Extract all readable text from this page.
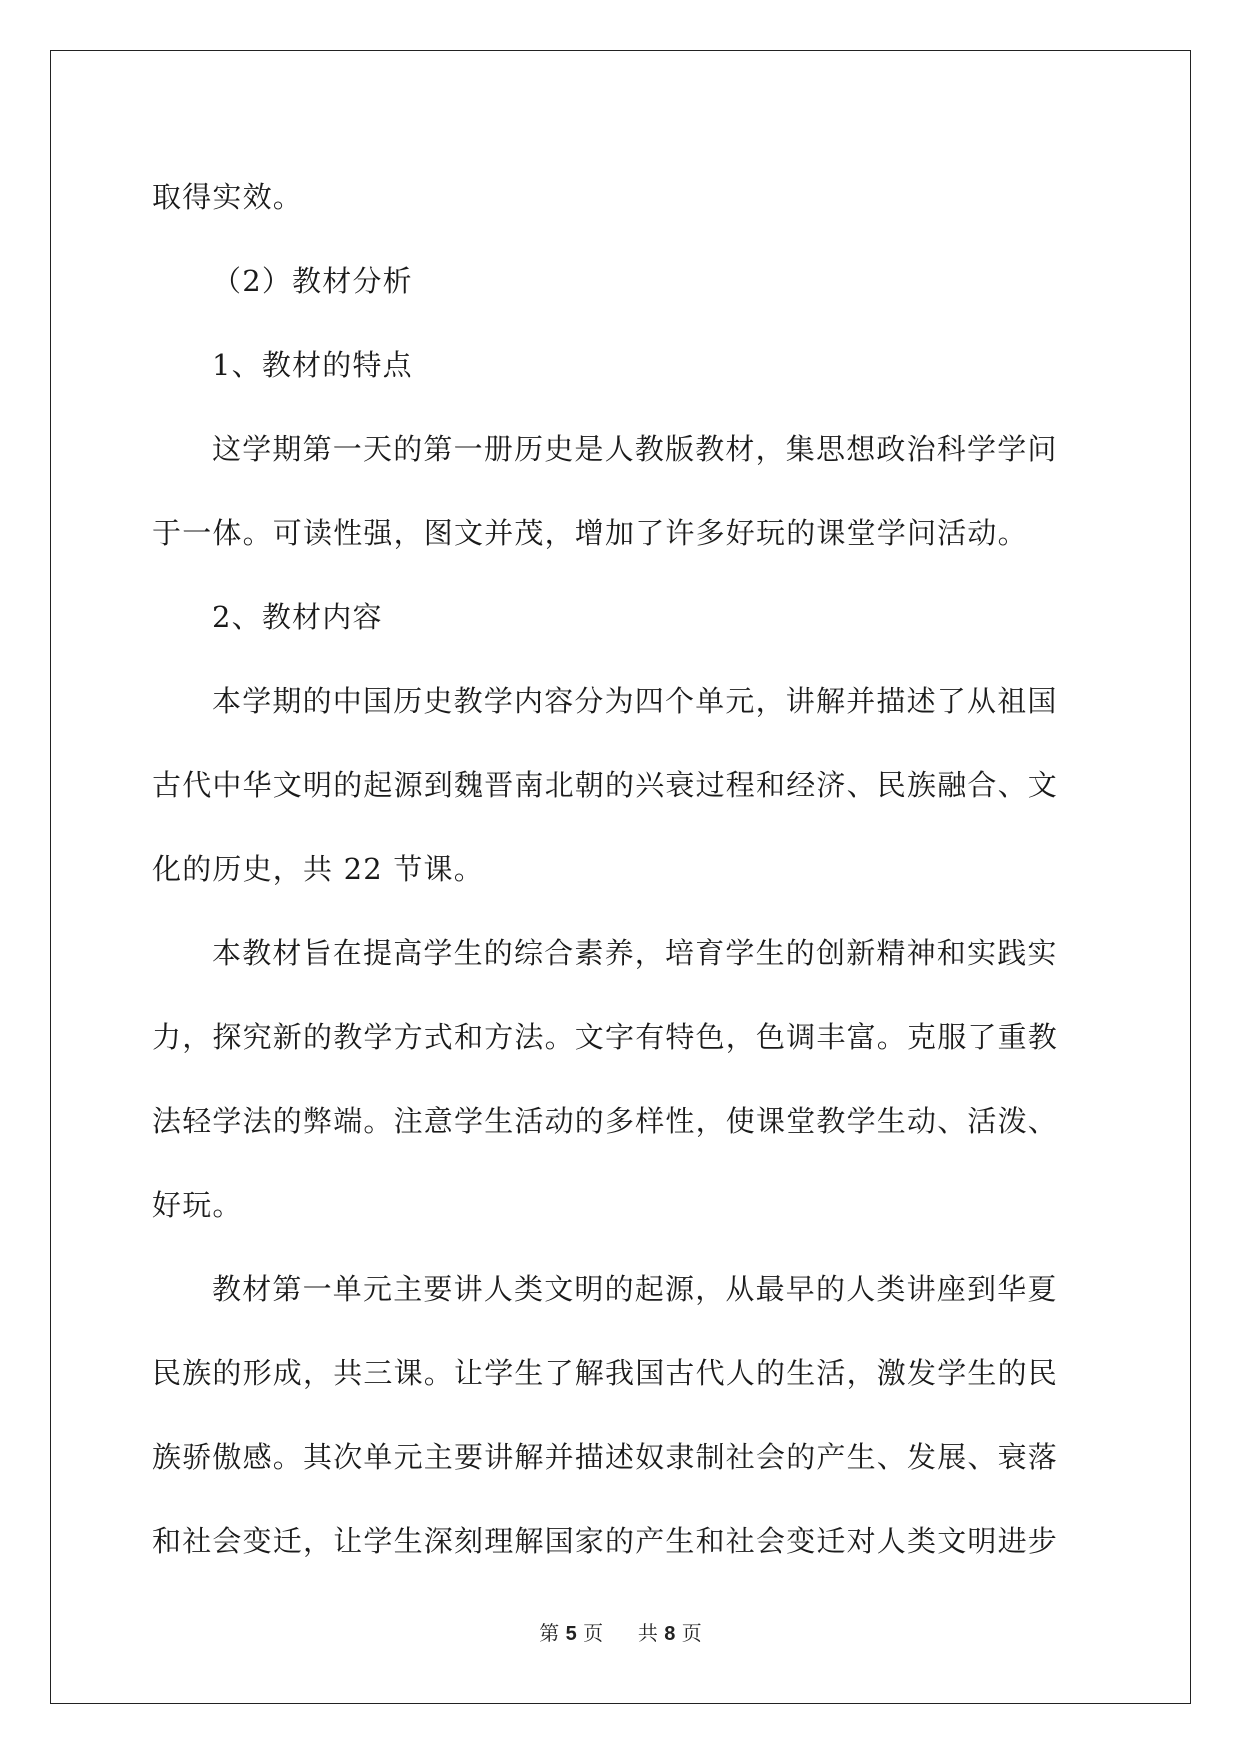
取得实效。
（2）教材分析
1、教材的特点
这学期第一天的第一册历史是人教版教材，集思想政治科学学问
于一体。可读性强，图文并茂，增加了许多好玩的课堂学问活动。
2、教材内容
本学期的中国历史教学内容分为四个单元，讲解并描述了从祖国
古代中华文明的起源到魏晋南北朝的兴衰过程和经济、民族融合、文
化的历史，共 22 节课。
本教材旨在提高学生的综合素养，培育学生的创新精神和实践实
力，探究新的教学方式和方法。文字有特色，色调丰富。克服了重教
法轻学法的弊端。注意学生活动的多样性，使课堂教学生动、活泼、
好玩。
教材第一单元主要讲人类文明的起源，从最早的人类讲座到华夏
民族的形成，共三课。让学生了解我国古代人的生活，激发学生的民
族骄傲感。其次单元主要讲解并描述奴隶制社会的产生、发展、衰落
和社会变迁，让学生深刻理解国家的产生和社会变迁对人类文明进步
第 5 页 共 8 页
